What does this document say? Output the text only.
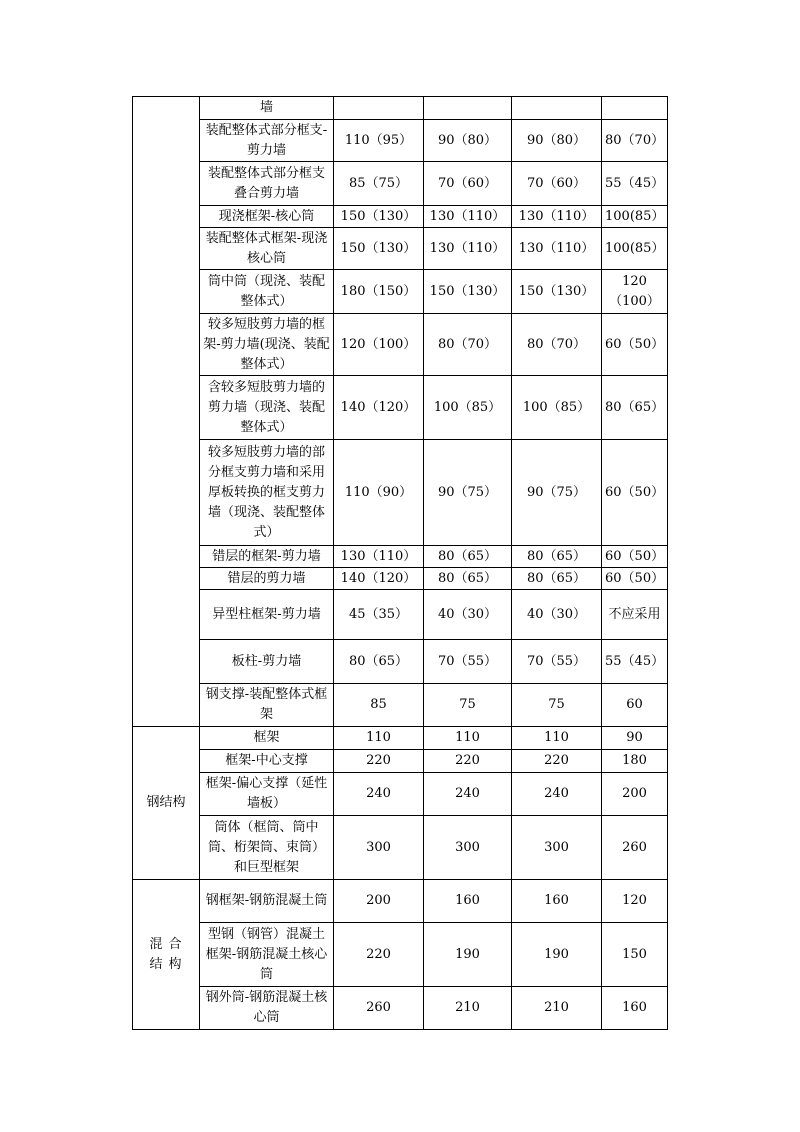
	墙				
	装配整体式部分框支-剪力墙	110（95）	90（80）	90（80）	80（70）
	装配整体式部分框支叠合剪力墙	85（75）	70（60）	70（60）	55（45）
	现浇框架-核心筒	150（130）	130（110）	130（110）	100(85）
	装配整体式框架-现浇核心筒	150（130）	130（110）	130（110）	100(85）
	筒中筒（现浇、装配整体式）	180（150）	150（130）	150（130）	120（100）
	较多短肢剪力墙的框架-剪力墙(现浇、装配整体式）	120（100）	80（70）	80（70）	60（50）
	含较多短肢剪力墙的剪力墙（现浇、装配整体式）	140（120）	100（85）	100（85）	80（65）
	较多短肢剪力墙的部分框支剪力墙和采用厚板转换的框支剪力墙（现浇、装配整体式）	110（90）	90（75）	90（75）	60（50）
	错层的框架-剪力墙	130（110）	80（65）	80（65）	60（50）
	错层的剪力墙	140（120）	80（65）	80（65）	60（50）
	异型柱框架-剪力墙	45（35）	40（30）	40（30）	不应采用
	板柱-剪力墙	80（65）	70（55）	70（55）	55（45）
	钢支撑-装配整体式框架	85	75	75	60
钢结构	框架	110	110	110	90
	框架-中心支撑	220	220	220	180
	框架-偏心支撑（延性墙板）	240	240	240	200
	筒体（框筒、筒中筒、桁架筒、束筒）和巨型框架	300	300	300	260
混合结构	钢框架-钢筋混凝土筒	200	160	160	120
	型钢（钢管）混凝土框架-钢筋混凝土核心筒	220	190	190	150
	钢外筒-钢筋混凝土核心筒	260	210	210	160
